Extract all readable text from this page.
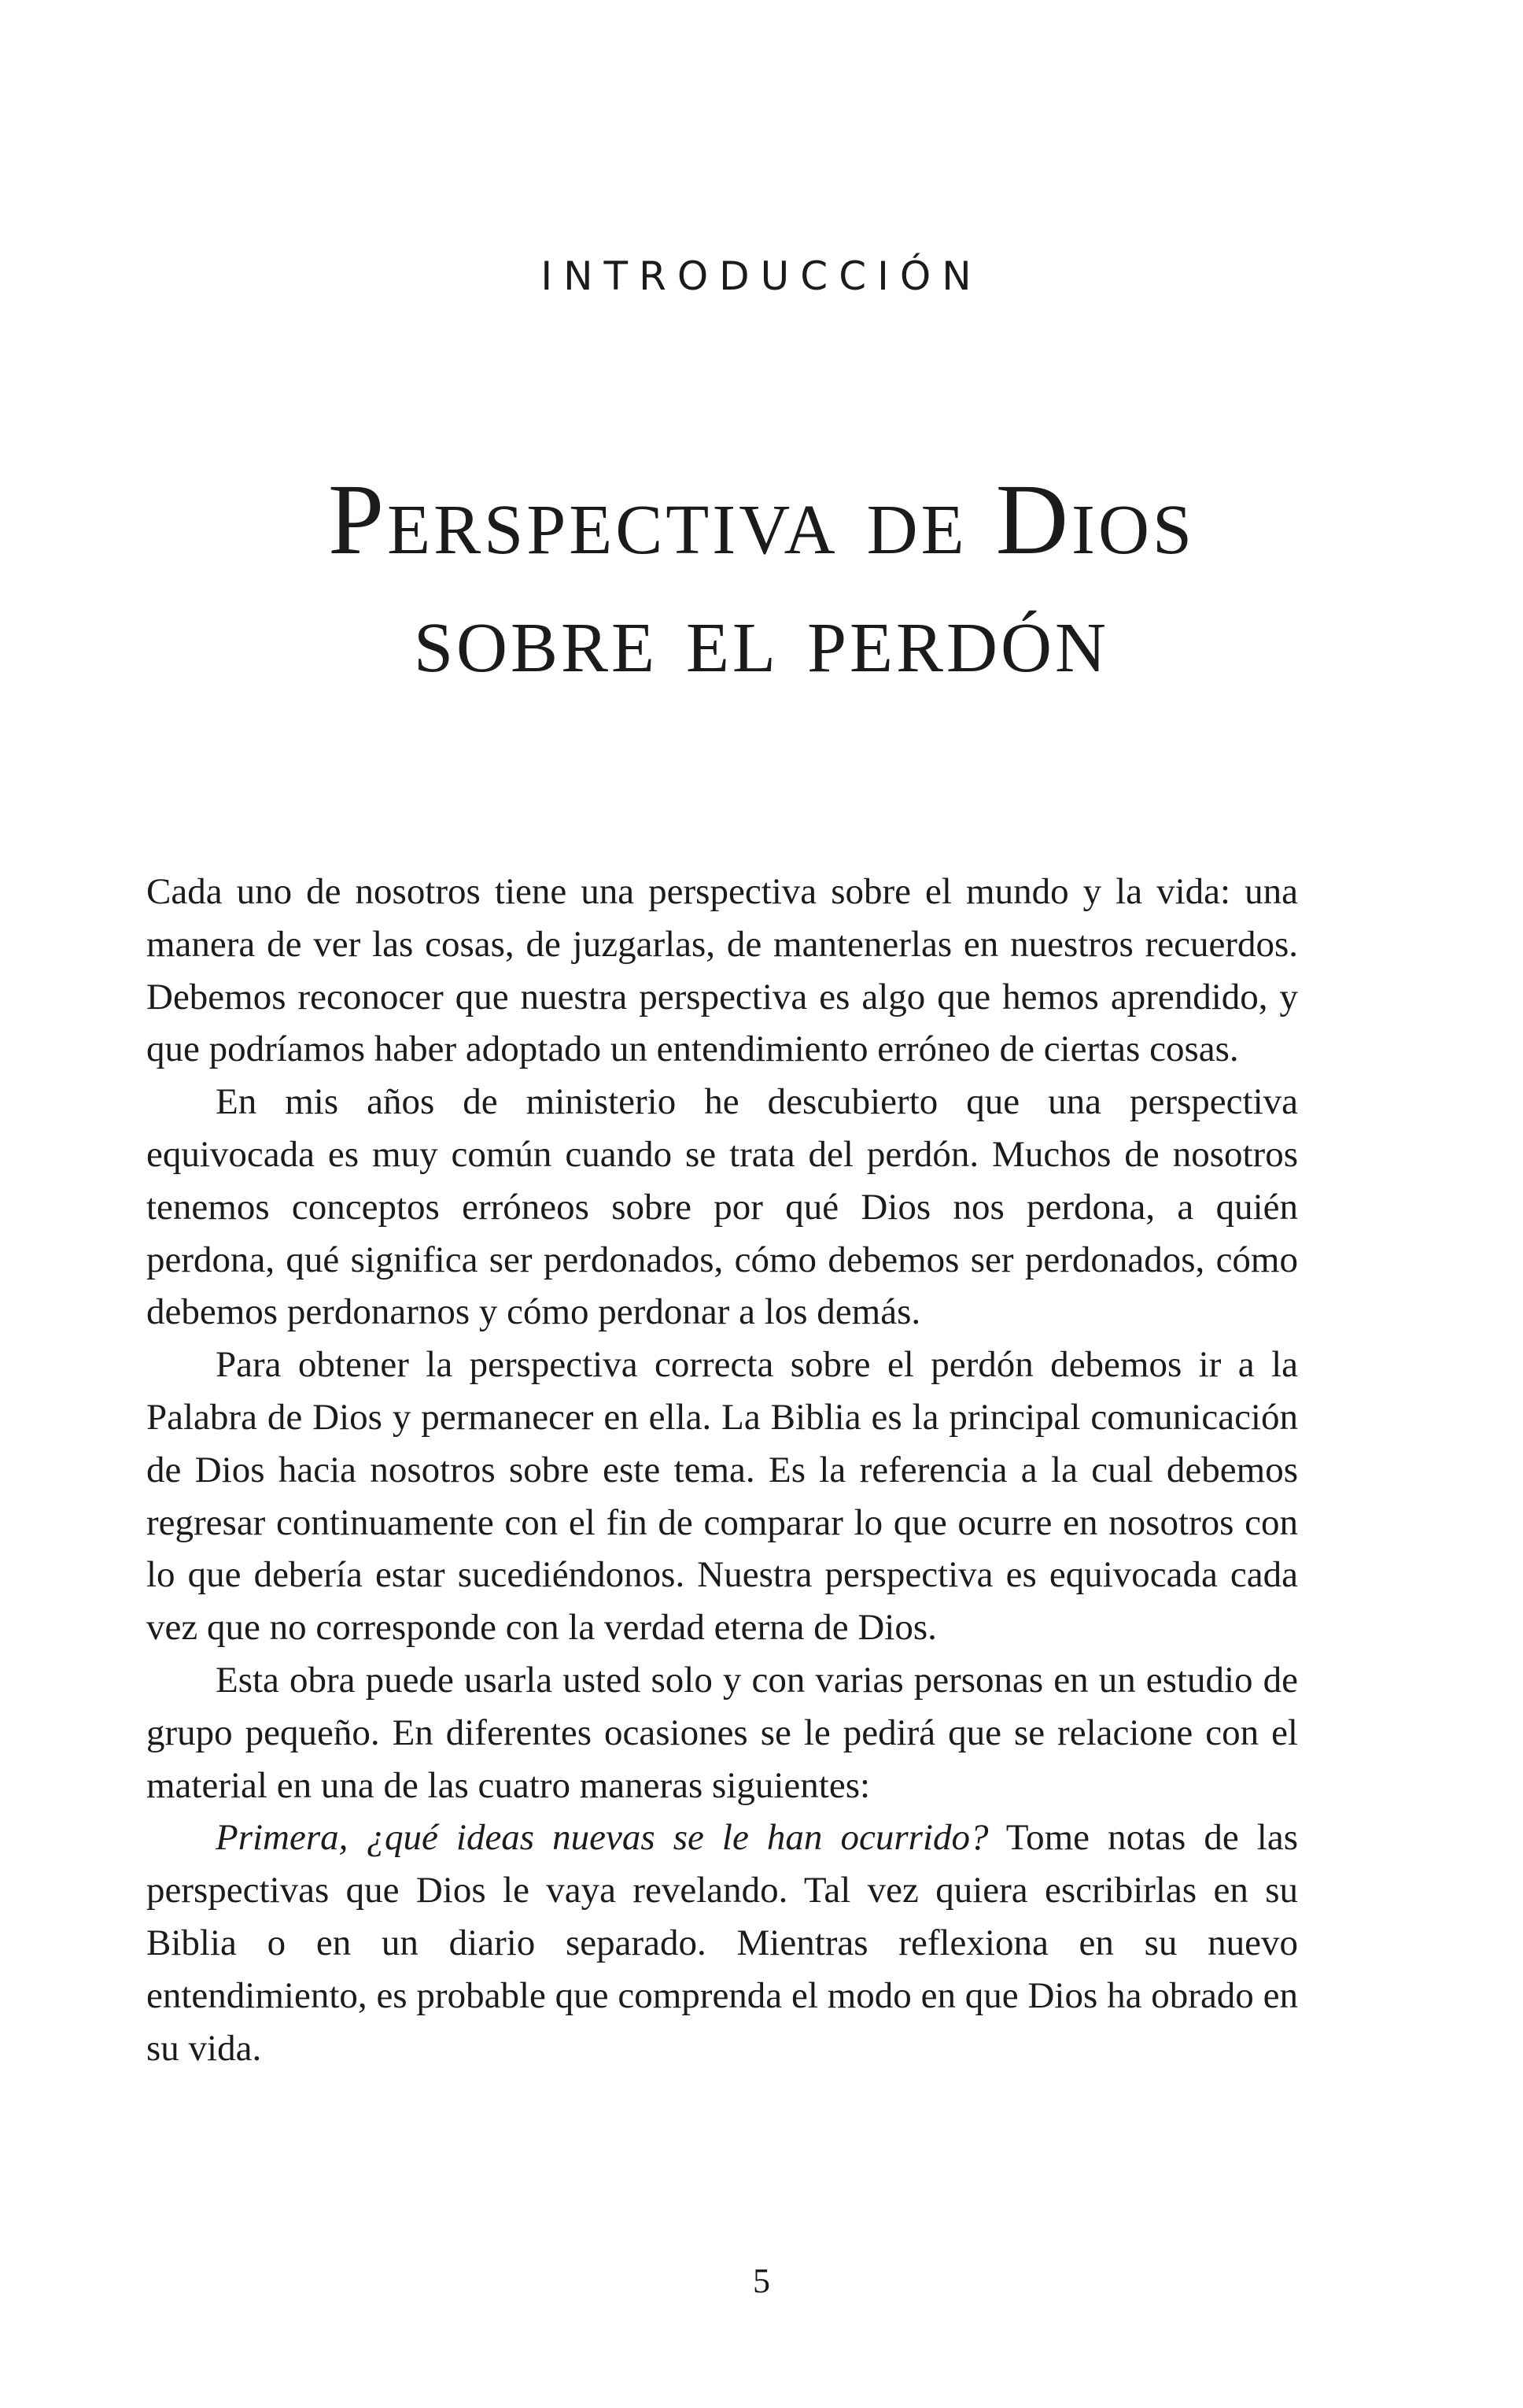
INTRODUCCIÓN
Perspectiva de Dios
sobre el perdón

Cada uno de nosotros tiene una perspectiva sobre el mundo y la vida: una manera de ver las cosas, de juzgarlas, de mantenerlas en nuestros recuerdos. Debemos reconocer que nuestra perspectiva es algo que hemos aprendido, y que podríamos haber adoptado un entendimiento erróneo de ciertas cosas.

En mis años de ministerio he descubierto que una perspectiva equivocada es muy común cuando se trata del perdón. Muchos de nosotros tenemos conceptos erróneos sobre por qué Dios nos perdona, a quién perdona, qué significa ser perdonados, cómo debemos ser perdonados, cómo debemos perdonarnos y cómo perdonar a los demás.

Para obtener la perspectiva correcta sobre el perdón debemos ir a la Palabra de Dios y permanecer en ella. La Biblia es la principal comunicación de Dios hacia nosotros sobre este tema. Es la referencia a la cual debemos regresar continuamente con el fin de comparar lo que ocurre en nosotros con lo que debería estar sucediéndonos. Nuestra perspectiva es equivocada cada vez que no corresponde con la verdad eterna de Dios.

Esta obra puede usarla usted solo y con varias personas en un estudio de grupo pequeño. En diferentes ocasiones se le pedirá que se relacione con el material en una de las cuatro maneras siguientes:

Primera, ¿qué ideas nuevas se le han ocurrido? Tome notas de las perspectivas que Dios le vaya revelando. Tal vez quiera escribirlas en su Biblia o en un diario separado. Mientras reflexiona en su nuevo entendimiento, es probable que comprenda el modo en que Dios ha obrado en su vida.

5
